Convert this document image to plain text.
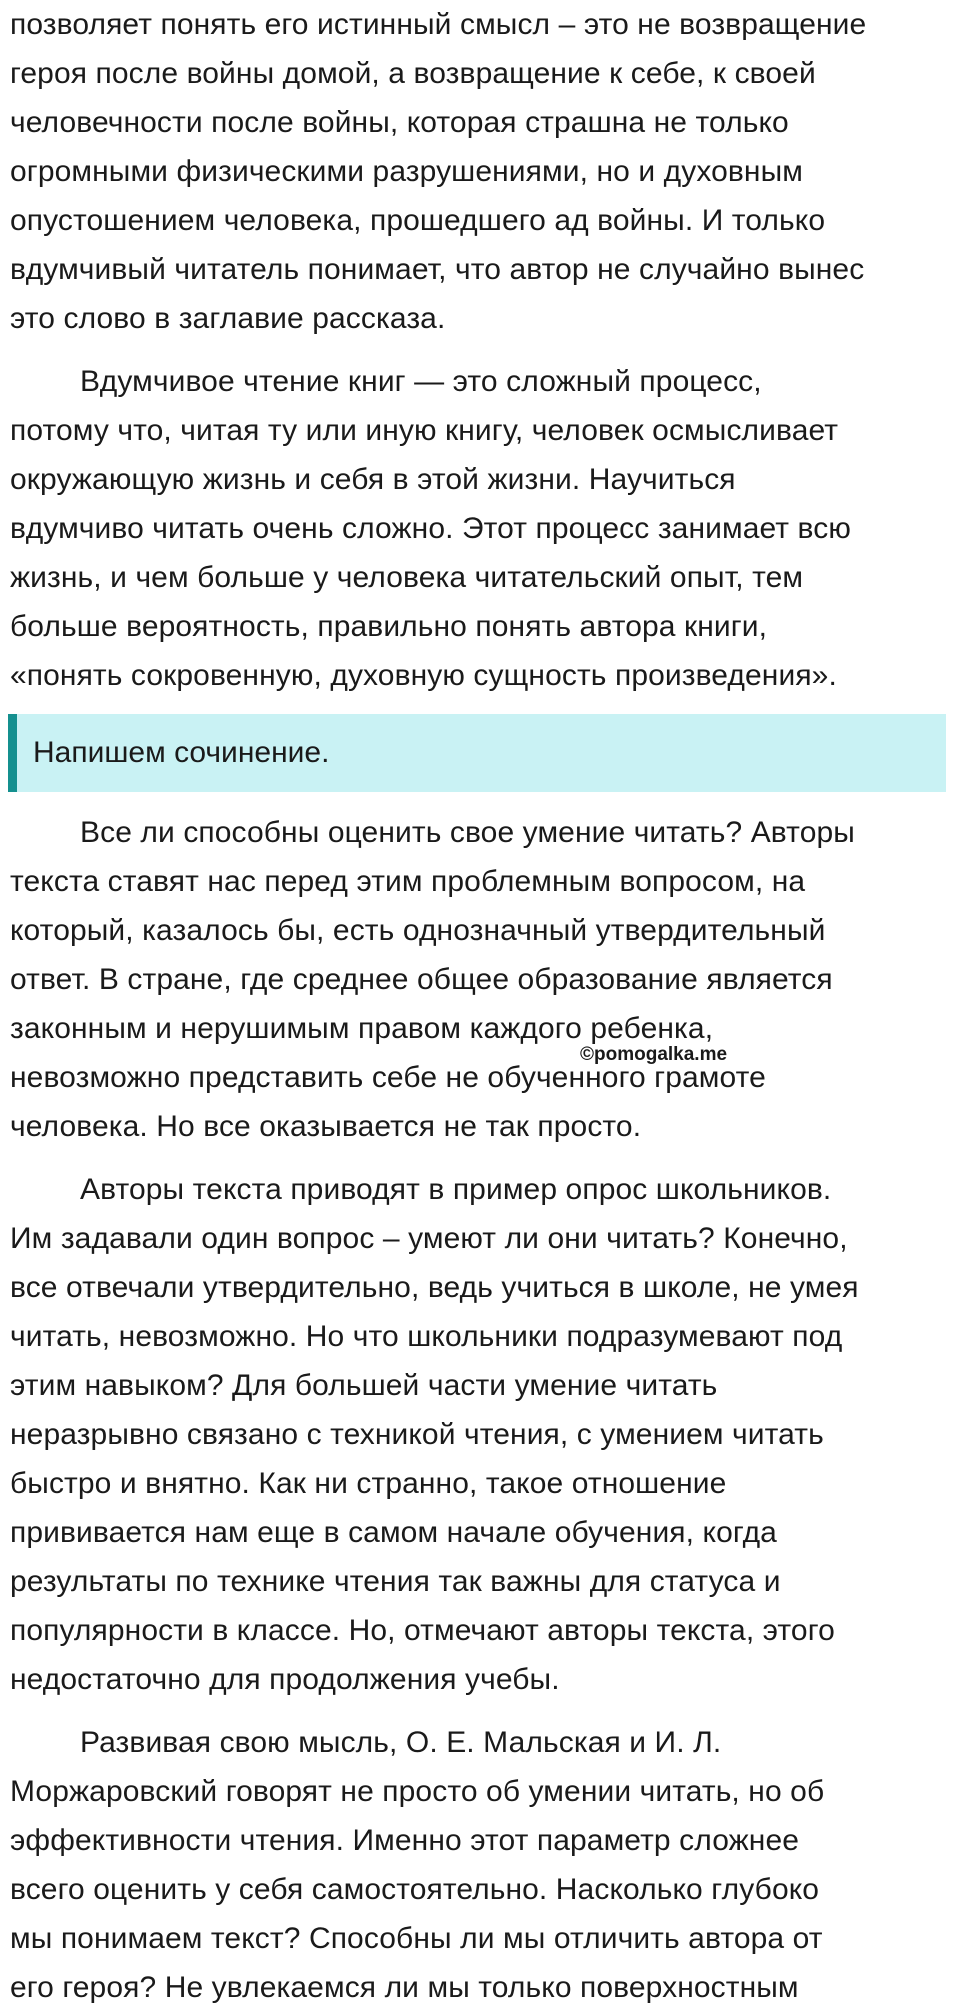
позволяет понять его истинный смысл – это не возвращение
героя после войны домой, а возвращение к себе, к своей
человечности после войны, которая страшна не только
огромными физическими разрушениями, но и духовным
опустошением человека, прошедшего ад войны. И только
вдумчивый читатель понимает, что автор не случайно вынес
это слово в заглавие рассказа.

Вдумчивое чтение книг — это сложный процесс,
потому что, читая ту или иную книгу, человек осмысливает
окружающую жизнь и себя в этой жизни. Научиться
вдумчиво читать очень сложно. Этот процесс занимает всю
жизнь, и чем больше у человека читательский опыт, тем
больше вероятность, правильно понять автора книги,
«понять сокровенную, духовную сущность произведения».

Напишем сочинение.

Все ли способны оценить свое умение читать? Авторы
текста ставят нас перед этим проблемным вопросом, на
который, казалось бы, есть однозначный утвердительный
ответ. В стране, где среднее общее образование является
законным и нерушимым правом каждого ребенка,
невозможно представить себе не обученного грамоте
человека. Но все оказывается не так просто.

Авторы текста приводят в пример опрос школьников.
Им задавали один вопрос – умеют ли они читать? Конечно,
все отвечали утвердительно, ведь учиться в школе, не умея
читать, невозможно. Но что школьники подразумевают под
этим навыком? Для большей части умение читать
неразрывно связано с техникой чтения, с умением читать
быстро и внятно. Как ни странно, такое отношение
прививается нам еще в самом начале обучения, когда
результаты по технике чтения так важны для статуса и
популярности в классе. Но, отмечают авторы текста, этого
недостаточно для продолжения учебы.

Развивая свою мысль, О. Е. Мальская и И. Л.
Моржаровский говорят не просто об умении читать, но об
эффективности чтения. Именно этот параметр сложнее
всего оценить у себя самостоятельно. Насколько глубоко
мы понимаем текст? Способны ли мы отличить автора от
его героя? Не увлекаемся ли мы только поверхностным

©pomogalka.me
